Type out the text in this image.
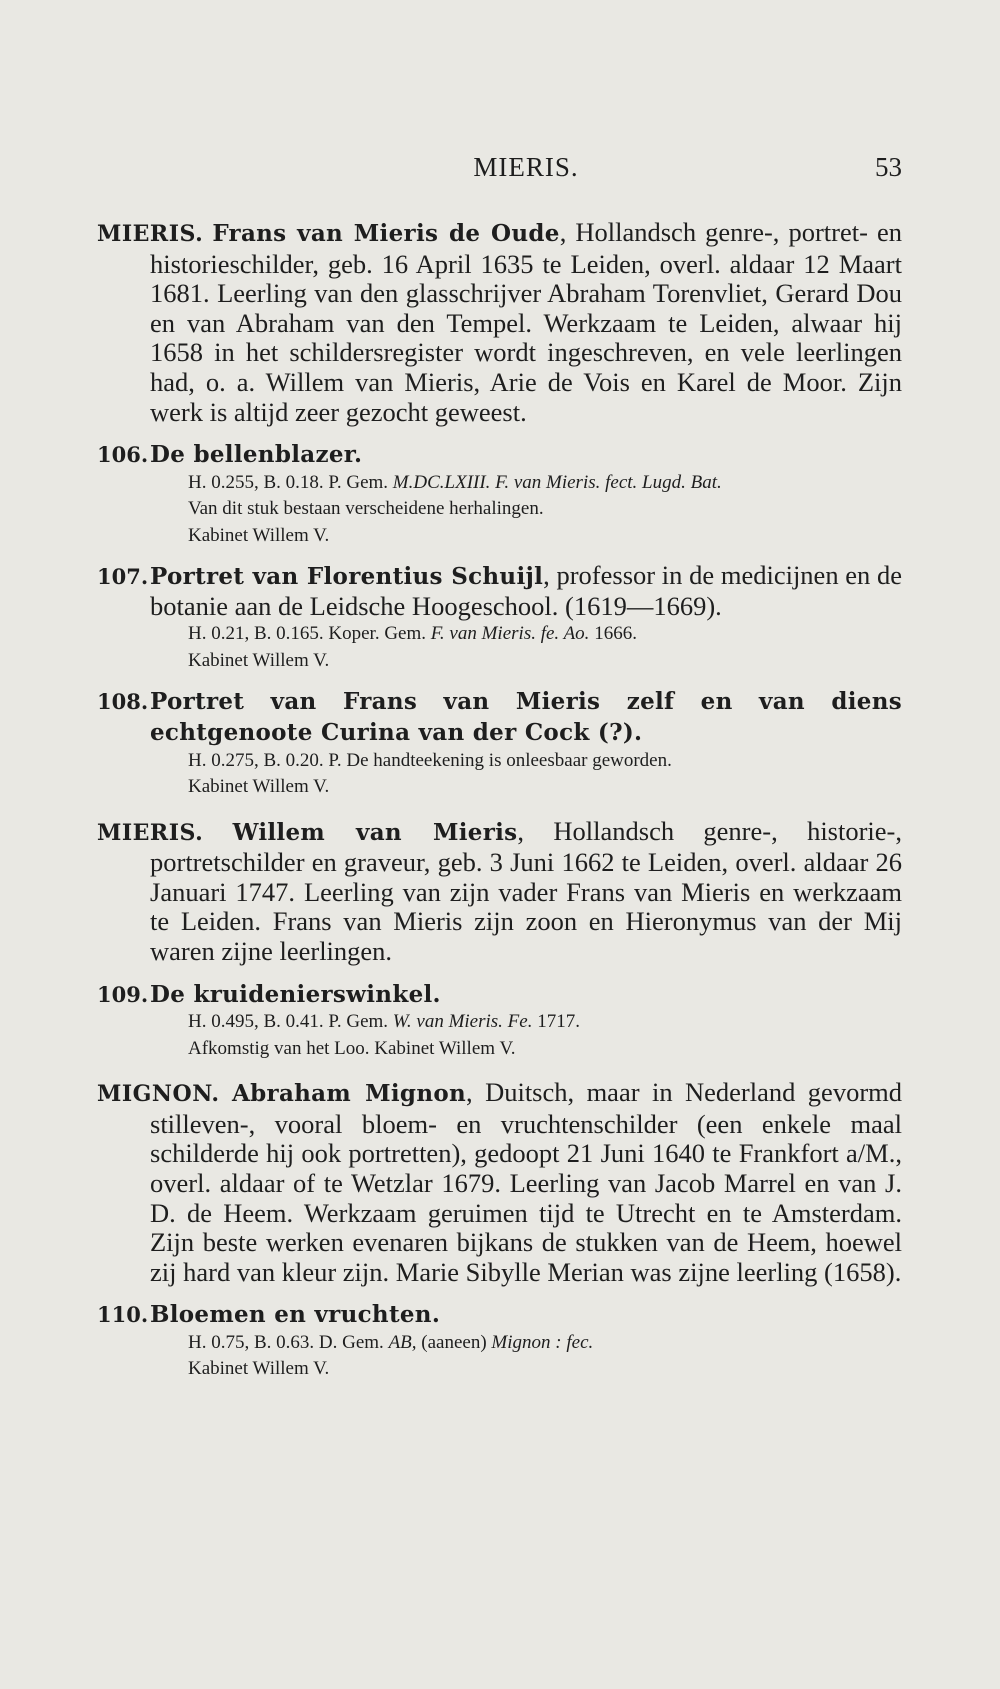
MIERIS.	53

MIERIS. Frans van Mieris de Oude, Hollandsch genre-, portret- en historieschilder, geb. 16 April 1635 te Leiden, overl. aldaar 12 Maart 1681. Leerling van den glasschrijver Abraham Torenvliet, Gerard Dou en van Abraham van den Tempel. Werkzaam te Leiden, alwaar hij 1658 in het schildersregister wordt ingeschreven, en vele leerlingen had, o. a. Willem van Mieris, Arie de Vois en Karel de Moor. Zijn werk is altijd zeer gezocht geweest.

106.De bellenblazer.

H. 0.255, B. 0.18. P. Gem. M.DC.LXIII. F. van Mieris. fect. Lugd. Bat.

Van dit stuk bestaan verscheidene herhalingen.

Kabinet Willem V.

107.Portret van Florentius Schuijl, professor in de medicijnen en de botanie aan de Leidsche Hoogeschool. (1619—1669).

H. 0.21, B. 0.165. Koper. Gem. F. van Mieris. fe. Ao. 1666.

Kabinet Willem V.

108.Portret van Frans van Mieris zelf en van diens echtgenoote Curina van der Cock (?).

H. 0.275, B. 0.20. P. De handteekening is onleesbaar geworden.

Kabinet Willem V.

MIERIS. Willem van Mieris, Hollandsch genre-, historie-, portretschilder en graveur, geb. 3 Juni 1662 te Leiden, overl. aldaar 26 Januari 1747. Leerling van zijn vader Frans van Mieris en werkzaam te Leiden. Frans van Mieris zijn zoon en Hieronymus van der Mij waren zijne leerlingen.

109.De kruidenierswinkel.

H. 0.495, B. 0.41. P. Gem. W. van Mieris. Fe. 1717.

Afkomstig van het Loo. Kabinet Willem V.

MIGNON. Abraham Mignon, Duitsch, maar in Nederland gevormd stilleven-, vooral bloem- en vruchtenschilder (een enkele maal schilderde hij ook portretten), gedoopt 21 Juni 1640 te Frankfort a/M., overl. aldaar of te Wetzlar 1679. Leerling van Jacob Marrel en van J. D. de Heem. Werkzaam geruimen tijd te Utrecht en te Amsterdam. Zijn beste werken evenaren bijkans de stukken van de Heem, hoewel zij hard van kleur zijn. Marie Sibylle Merian was zijne leerling (1658).

110.Bloemen en vruchten.

H. 0.75, B. 0.63. D. Gem. AB, (aaneen) Mignon : fec.

Kabinet Willem V.
